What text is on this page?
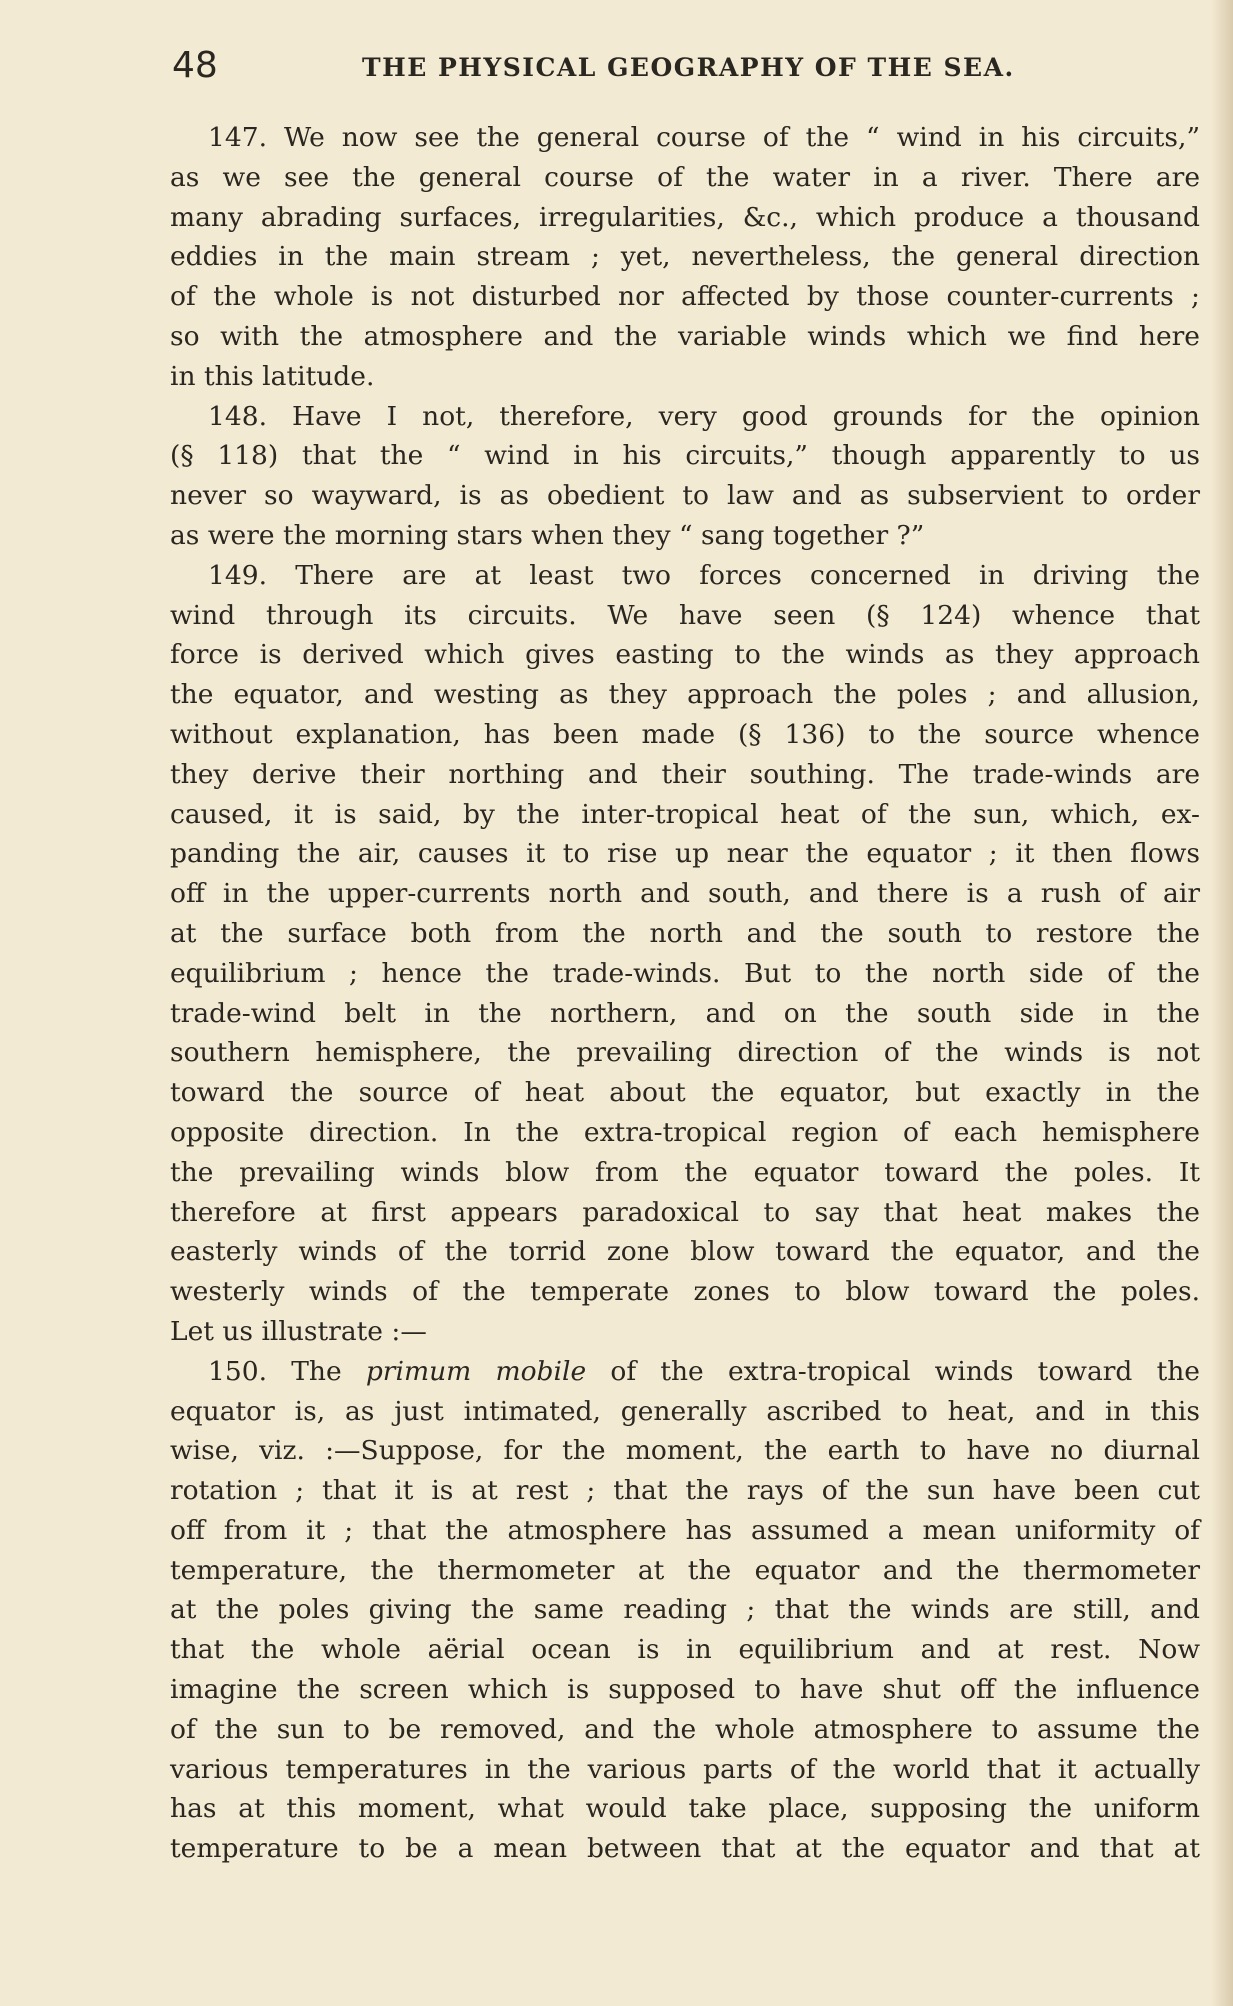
48	THE PHYSICAL GEOGRAPHY OF THE SEA.
147. We now see the general course of the “ wind in his circuits,”
as we see the general course of the water in a river. There are
many abrading surfaces, irregularities, &c., which produce a thousand
eddies in the main stream ; yet, nevertheless, the general direction
of the whole is not disturbed nor affected by those counter-currents ;
so with the atmosphere and the variable winds which we find here
in this latitude.
148. Have I not, therefore, very good grounds for the opinion
(§ 118) that the “ wind in his circuits,” though apparently to us
never so wayward, is as obedient to law and as subservient to order
as were the morning stars when they “ sang together ?”
149. There are at least two forces concerned in driving the
wind through its circuits. We have seen (§ 124) whence that
force is derived which gives easting to the winds as they approach
the equator, and westing as they approach the poles ; and allusion,
without explanation, has been made (§ 136) to the source whence
they derive their northing and their southing. The trade-winds are
caused, it is said, by the inter-tropical heat of the sun, which, ex-
panding the air, causes it to rise up near the equator ; it then flows
off in the upper-currents north and south, and there is a rush of air
at the surface both from the north and the south to restore the
equilibrium ; hence the trade-winds. But to the north side of the
trade-wind belt in the northern, and on the south side in the
southern hemisphere, the prevailing direction of the winds is not
toward the source of heat about the equator, but exactly in the
opposite direction. In the extra-tropical region of each hemisphere
the prevailing winds blow from the equator toward the poles. It
therefore at first appears paradoxical to say that heat makes the
easterly winds of the torrid zone blow toward the equator, and the
westerly winds of the temperate zones to blow toward the poles.
Let us illustrate :—
150. The primum mobile of the extra-tropical winds toward the
equator is, as just intimated, generally ascribed to heat, and in this
wise, viz. :—Suppose, for the moment, the earth to have no diurnal
rotation ; that it is at rest ; that the rays of the sun have been cut
off from it ; that the atmosphere has assumed a mean uniformity of
temperature, the thermometer at the equator and the thermometer
at the poles giving the same reading ; that the winds are still, and
that the whole aërial ocean is in equilibrium and at rest. Now
imagine the screen which is supposed to have shut off the influence
of the sun to be removed, and the whole atmosphere to assume the
various temperatures in the various parts of the world that it actually
has at this moment, what would take place, supposing the uniform
temperature to be a mean between that at the equator and that at
